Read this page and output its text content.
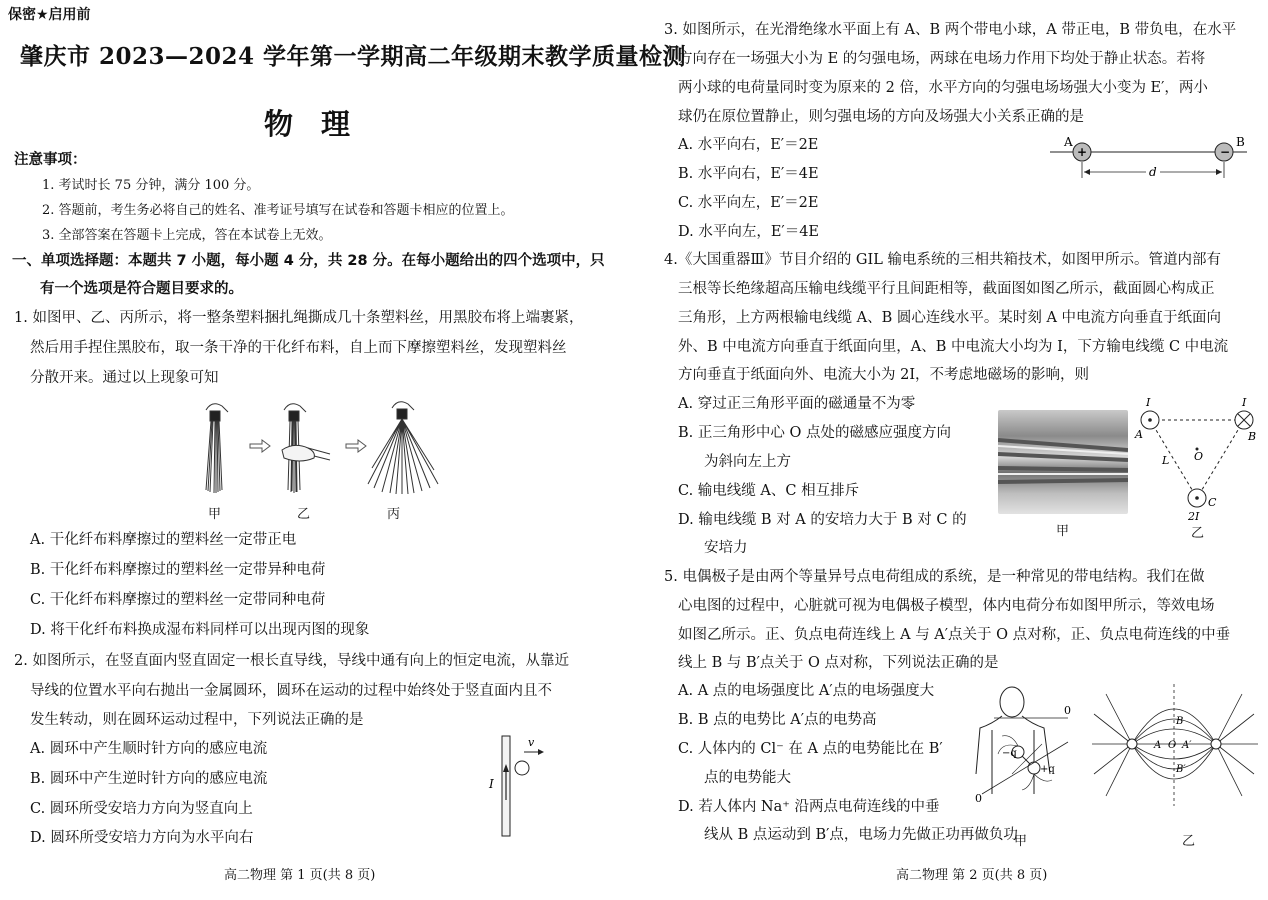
保密★启用前
肇庆市 2023—2024 学年第一学期高二年级期末教学质量检测
物理
注意事项：
1. 考试时长 75 分钟，满分 100 分。
2. 答题前，考生务必将自己的姓名、准考证号填写在试卷和答题卡相应的位置上。
3. 全部答案在答题卡上完成，答在本试卷上无效。
一、单项选择题：本题共 7 小题，每小题 4 分，共 28 分。在每小题给出的四个选项中，只
有一个选项是符合题目要求的。
1. 如图甲、乙、丙所示，将一整条塑料捆扎绳撕成几十条塑料丝，用黑胶布将上端裹紧，
然后用手捏住黑胶布，取一条干净的干化纤布料，自上而下摩擦塑料丝，发现塑料丝
分散开来。通过以上现象可知
甲	乙	丙
A. 干化纤布料摩擦过的塑料丝一定带正电
B. 干化纤布料摩擦过的塑料丝一定带异种电荷
C. 干化纤布料摩擦过的塑料丝一定带同种电荷
D. 将干化纤布料换成湿布料同样可以出现丙图的现象
2. 如图所示，在竖直面内竖直固定一根长直导线，导线中通有向上的恒定电流，从靠近
导线的位置水平向右抛出一金属圆环，圆环在运动的过程中始终处于竖直面内且不
发生转动，则在圆环运动过程中，下列说法正确的是
A. 圆环中产生顺时针方向的感应电流
B. 圆环中产生逆时针方向的感应电流
C. 圆环所受安培力方向为竖直向上
D. 圆环所受安培力方向为水平向右
I
v
高二物理 第 1 页(共 8 页)
3. 如图所示，在光滑绝缘水平面上有 A、B 两个带电小球，A 带正电，B 带负电，在水平
方向存在一场强大小为 E 的匀强电场，两球在电场力作用下均处于静止状态。若将
两小球的电荷量同时变为原来的 2 倍，水平方向的匀强电场场强大小变为 E′，两小
球仍在原位置静止，则匀强电场的方向及场强大小关系正确的是
A. 水平向右，E′＝2E
B. 水平向右，E′＝4E
C. 水平向左，E′＝2E
D. 水平向左，E′＝4E
+	−
A	B
d
4.《大国重器Ⅲ》节目介绍的 GIL 输电系统的三相共箱技术，如图甲所示。管道内部有
三根等长绝缘超高压输电线缆平行且间距相等，截面图如图乙所示，截面圆心构成正
三角形，上方两根输电线缆 A、B 圆心连线水平。某时刻 A 中电流方向垂直于纸面向
外、B 中电流方向垂直于纸面向里，A、B 中电流大小均为 I，下方输电线缆 C 中电流
方向垂直于纸面向外、电流大小为 2I，不考虑地磁场的影响，则
A. 穿过正三角形平面的磁通量不为零
B. 正三角形中心 O 点处的磁感应强度方向
为斜向左上方
C. 输电线缆 A、C 相互排斥
D. 输电线缆 B 对 A 的安培力大于 B 对 C 的
安培力
甲
I	I
A	B
O
L
C
2I
乙
5. 电偶极子是由两个等量异号点电荷组成的系统，是一种常见的带电结构。我们在做
心电图的过程中，心脏就可视为电偶极子模型，体内电荷分布如图甲所示，等效电场
如图乙所示。正、负点电荷连线上 A 与 A′点关于 O 点对称，正、负点电荷连线的中垂
线上 B 与 B′点关于 O 点对称，下列说法正确的是
A. A 点的电场强度比 A′点的电场强度大
B. B 点的电势比 A′点的电势高
C. 人体内的 Cl⁻ 在 A 点的电势能比在 B′
点的电势能大
D. 若人体内 Na⁺ 沿两点电荷连线的中垂
线从 B 点运动到 B′点，电场力先做正功再做负功
0
0
−q
+q
甲
A O A′
B
B′
乙
高二物理 第 2 页(共 8 页)
